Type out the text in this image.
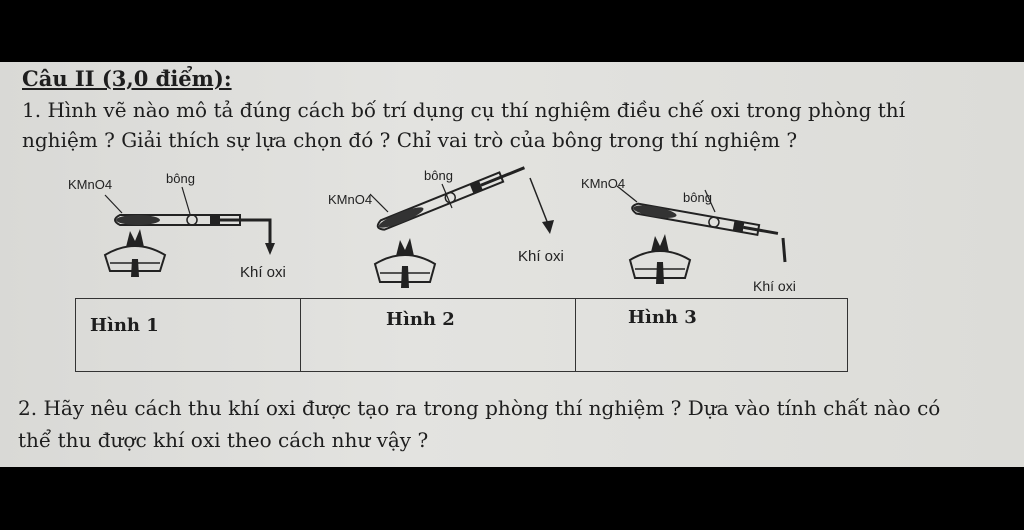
Câu II (3,0 điểm):
1. Hình vẽ nào mô tả đúng cách bố trí dụng cụ thí nghiệm điều chế oxi trong phòng thí
nghiệm ? Giải thích sự lựa chọn đó ? Chỉ vai trò của bông trong thí nghiệm ?
KMnO4	bông
Khí oxi
KMnO4
bông
Khí oxi
KMnO4
bông
Khí oxi
Hình 1	Hình 2	Hình 3
2. Hãy nêu cách thu khí oxi được tạo ra trong phòng thí nghiệm ? Dựa vào tính chất nào có
thể thu được khí oxi theo cách như vậy ?
